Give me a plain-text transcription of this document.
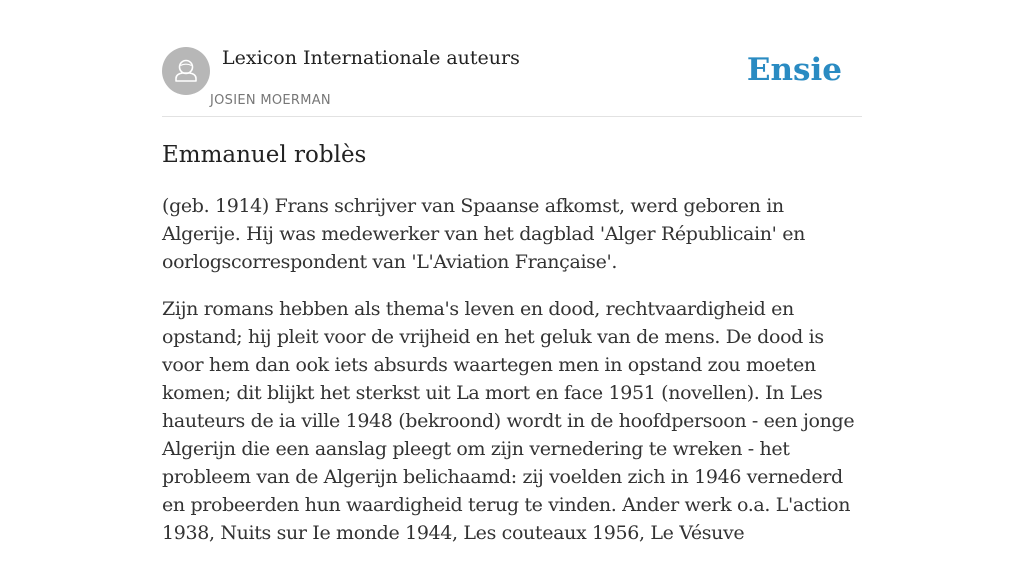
Lexicon Internationale auteurs
JOSIEN MOERMAN
Ensie
Emmanuel roblès

(geb. 1914) Frans schrijver van Spaanse afkomst, werd geboren in Algerije. Hij was medewerker van het dagblad 'Alger Républicain' en oorlogscorrespondent van 'L'Aviation Française'.

Zijn romans hebben als thema's leven en dood, rechtvaardigheid en opstand; hij pleit voor de vrijheid en het geluk van de mens. De dood is voor hem dan ook iets absurds waartegen men in opstand zou moeten komen; dit blijkt het sterkst uit La mort en face 1951 (novellen). In Les hauteurs de ia ville 1948 (bekroond) wordt in de hoofdpersoon - een jonge Algerijn die een aanslag pleegt om zijn vernedering te wreken - het probleem van de Algerijn belichaamd: zij voelden zich in 1946 vernederd en probeerden hun waardigheid terug te vinden. Ander werk o.a. L'action 1938, Nuits sur Ie monde 1944, Les couteaux 1956, Le Vésuve
